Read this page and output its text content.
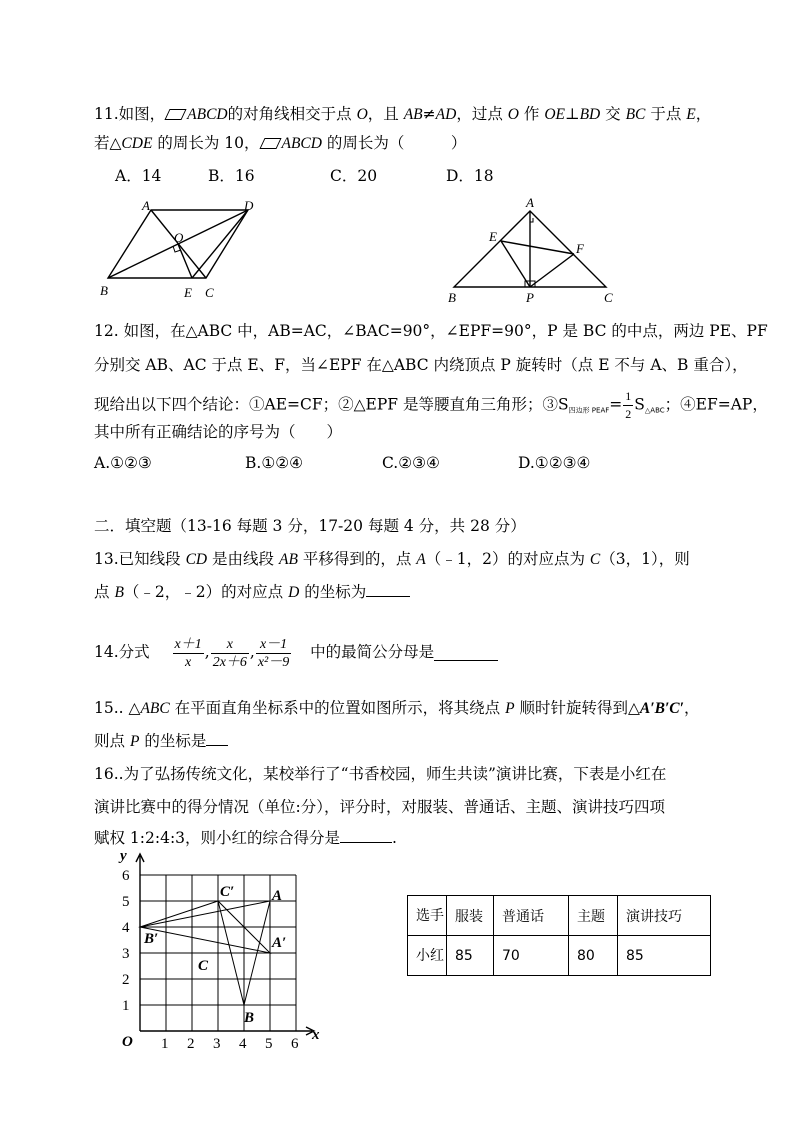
11.如图， ABCD的对角线相交于点 O，且 AB≠AD，过点 O 作 OE⊥BD 交 BC 于点 E，
若△CDE 的周长为 10， ABCD 的周长为（　　　）
A．14	B．16	C．20	D．18
A	D
O
B	E C
A
E
F
B	P	C
12. 如图，在△ABC 中，AB=AC，∠BAC=90°，∠EPF=90°，P 是 BC 的中点，两边 PE、PF
分别交 AB、AC 于点 E、F，当∠EPF 在△ABC 内绕顶点 P 旋转时（点 E 不与 A、B 重合），
现给出以下四个结论：①AE=CF；②△EPF 是等腰直角三角形；③S四边形 PEAF= $\frac{1}{2}$ S△ABC；④EF=AP，
其中所有正确结论的序号为（　　）
A.①②③	B.①②④	C.②③④	D.①②③④
二．填空题（13-16 每题 3 分，17-20 每题 4 分，共 28 分）
13.已知线段 CD 是由线段 AB 平移得到的，点 A（﹣1，2）的对应点为 C（3，1），则
点 B（﹣2，﹣2）的对应点 D 的坐标为
14.分式 $\frac{x+1}{x}$ , $\frac{x}{2x+6}$ , $\frac{x-1}{\text{x²－9}}$ 中的最简公分母是
15.. △ABC 在平面直角坐标系中的位置如图所示，将其绕点 P 顺时针旋转得到△A′B′C′，
则点 P 的坐标是
16..为了弘扬传统文化，某校举行了“书香校园，师生共读”演讲比赛，下表是小红在
演讲比赛中的得分情况（单位:分），评分时，对服装、普通话、主题、演讲技巧四项
赋权 1:2:4:3，则小红的综合得分是	.
y
x
O
A
B
C
A′
B′
C′
1 2 3 4 5 6
1
2
3
4
5
6
选手	服装	普通话	主题	演讲技巧
小红	85	70	80	85
